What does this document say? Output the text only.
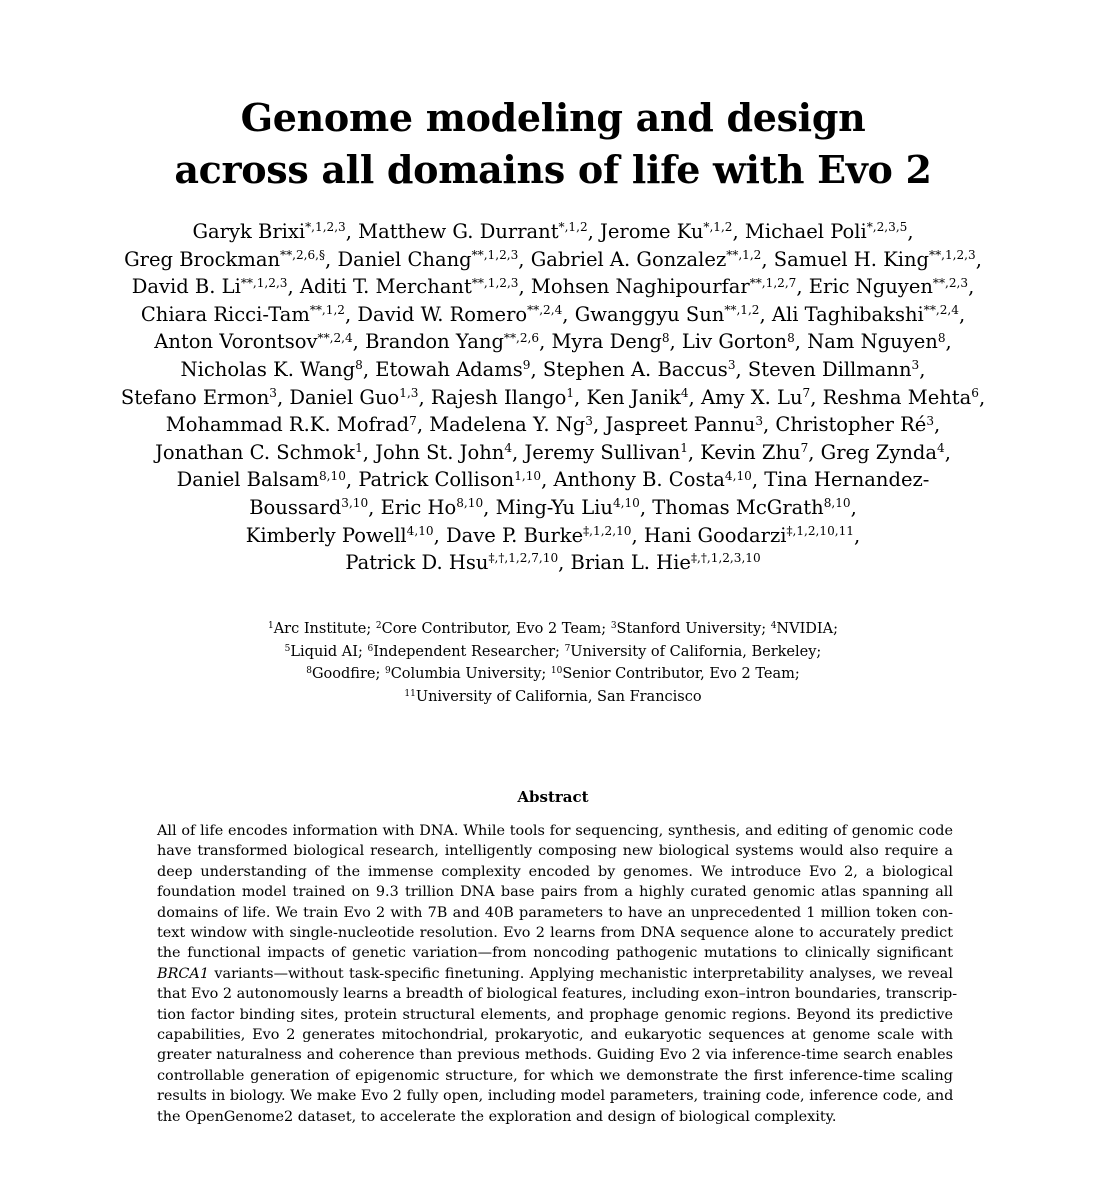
Genome modeling and design
across all domains of life with Evo 2
Garyk Brixi$^{*,1,2,3}$, Matthew G. Durrant$^{*,1,2}$, Jerome $Ku^{*,1,2}$, Michael Poli$^{*,2,3,5}$,
Greg Brockman$^{**,2,6,\S}$, Daniel Chang$^{**,1,2,3}$, Gabriel A. Gonzalez$^{**,1,2}$, Samuel H. King$^{**,1,2,3}$,
David B. $Li^{**,1,2,3}$, Aditi T. Merchant$^{**,1,2,3}$, Mohsen Naghipourfar$^{**,1,2,7}$, Eric Nguyen$^{**,2,3}$,
Chiara Ricci-Tam$^{**,1,2}$, David W. Romero$^{**,2,4}$, Gwanggyu Sun$^{**,1,2}$, Ali Taghibakshi$^{**,2,4}$,
Anton Vorontsov$^{**,2,4}$, Brandon Yang$^{**,2,6}$, Myra Deng$^8$, Liv Gorton$^8$, Nam Nguyen$^8$,
Nicholas K. Wang$^8$, Etowah Adams$^9$, Stephen A. Baccus$^3$, Steven Dillmann$^3$,
Stefano Ermon$^3$, Daniel Guo$^{1,3}$, Rajesh Ilango$^1$, Ken Janik$^4$, Amy X. Lu$^7$, Reshma Mehta$^6$,
Mohammad R.K. Mofrad$^7$, Madelena Y. Ng$^3$, Jaspreet Pannu$^3$, Christopher $Ré^3$,
Jonathan C. Schmok$^1$, John St. John$^4$, Jeremy Sullivan$^1$, Kevin Zhu$^7$, Greg Zynda$^4$,
Daniel Balsam$^{8,10}$, Patrick Collison$^{1,10}$, Anthony B. Costa$^{4,10}$, Tina Hernandez-
Boussard$^{3,10}$, Eric Ho$^{8,10}$, Ming-Yu Liu$^{4,10}$, Thomas McGrath$^{8,10}$,
Kimberly Powell$^{4,10}$, Dave P. Burke$^{\ddagger,1,2,10}$, Hani Goodarzi$^{\ddagger,1,2,10,11}$,
Patrick D. Hsu$^{\ddagger,\dagger,1,2,7,10}$, Brian L. Hie$^{\ddagger,\dagger,1,2,3,10}$
$^1$Arc Institute; $^2$Core Contributor, Evo 2 Team; $^3$Stanford University; $^4$NVIDIA;
$^5$Liquid AI; $^6$Independent Researcher; $^7$University of California, Berkeley;
$^8$Goodfire; $^9$Columbia University; $^{10}$Senior Contributor, Evo 2 Team;
$^{11}$University of California, San Francisco
Abstract
All of life encodes information with DNA. While tools for sequencing, synthesis, and editing of genomic code
have transformed biological research, intelligently composing new biological systems would also require a
deep understanding of the immense complexity encoded by genomes. We introduce Evo 2, a biological
foundation model trained on 9.3 trillion DNA base pairs from a highly curated genomic atlas spanning all
domains of life. We train Evo 2 with 7B and 40B parameters to have an unprecedented 1 million token con-
text window with single-nucleotide resolution. Evo 2 learns from DNA sequence alone to accurately predict
the functional impacts of genetic variation—from noncoding pathogenic mutations to clinically significant
BRCA1 variants—without task-specific finetuning. Applying mechanistic interpretability analyses, we reveal
that Evo 2 autonomously learns a breadth of biological features, including exon–intron boundaries, transcrip-
tion factor binding sites, protein structural elements, and prophage genomic regions. Beyond its predictive
capabilities, Evo 2 generates mitochondrial, prokaryotic, and eukaryotic sequences at genome scale with
greater naturalness and coherence than previous methods. Guiding Evo 2 via inference-time search enables
controllable generation of epigenomic structure, for which we demonstrate the first inference-time scaling
results in biology. We make Evo 2 fully open, including model parameters, training code, inference code, and
the OpenGenome2 dataset, to accelerate the exploration and design of biological complexity.
